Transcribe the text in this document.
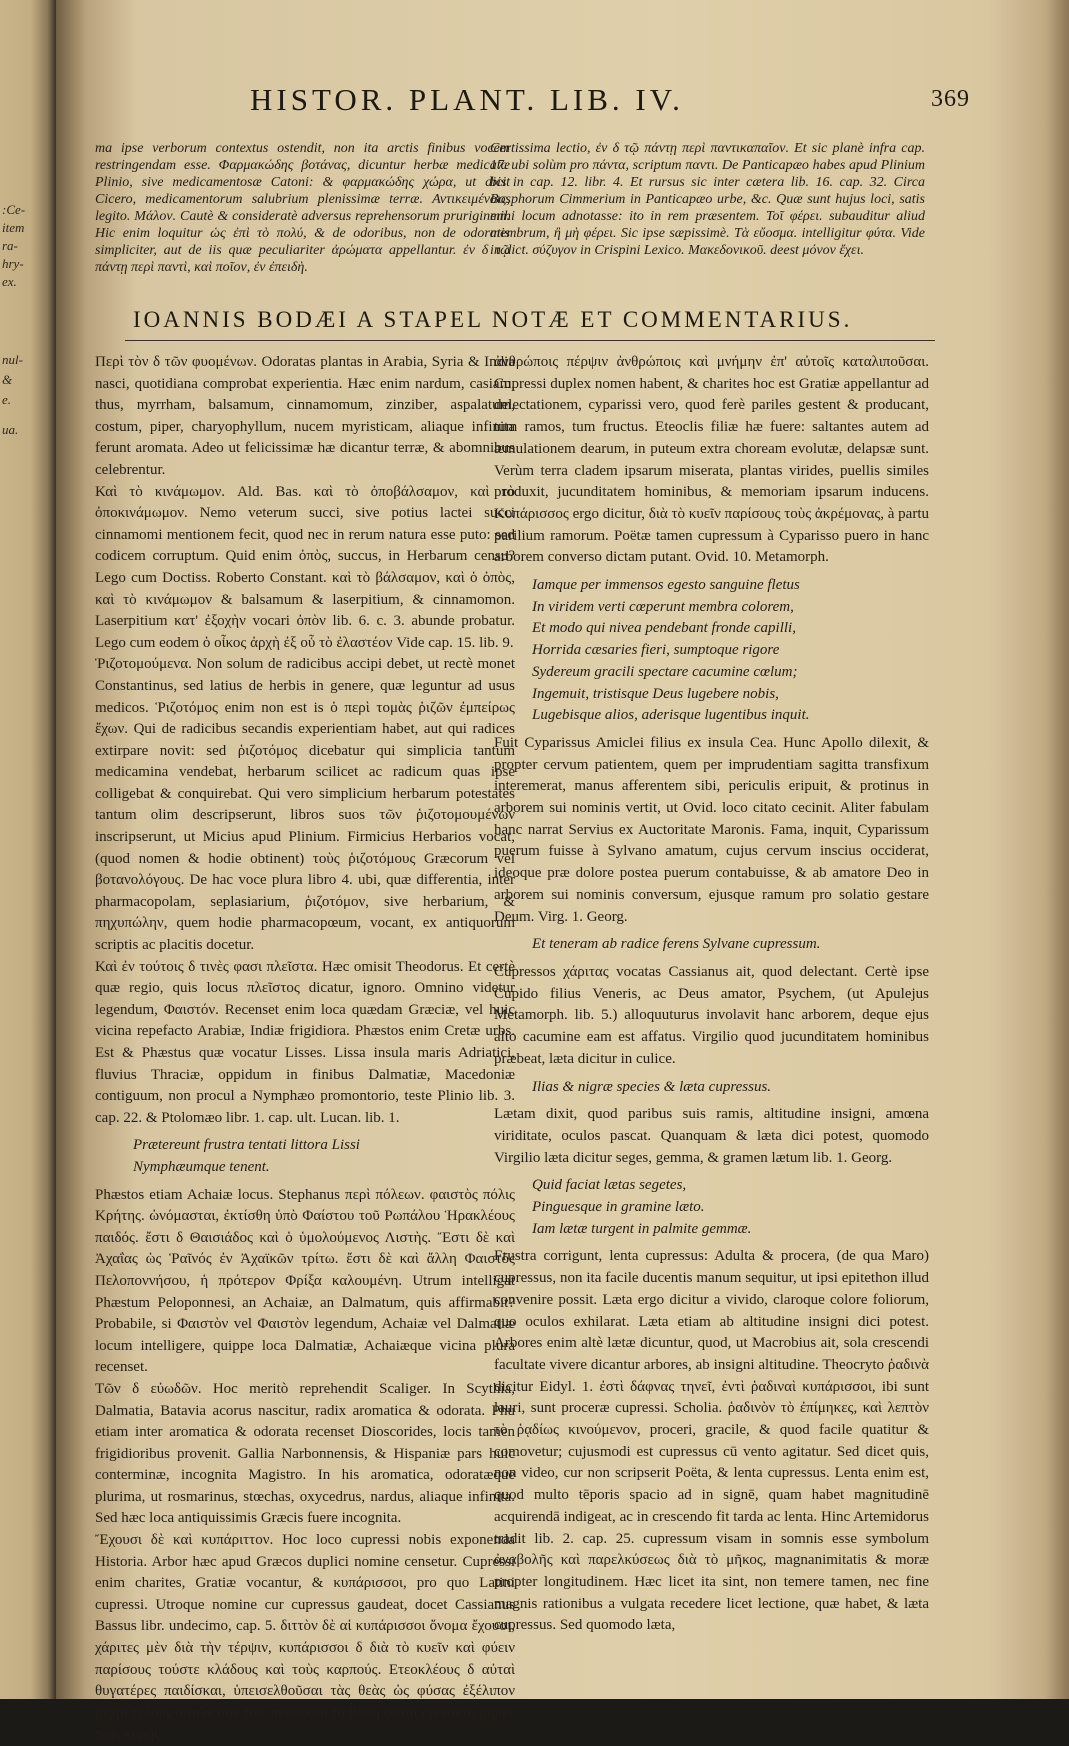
:Ce-
item
ra-
hry-
ex.
nul-
&
e.
ua.
HISTOR. PLANT. LIB. IV.	369

ma ipse verborum contextus ostendit, non ita arctis finibus vocem restringendam esse. Φαρμακώδης βοτάνας, dicuntur herbæ medicatæ Plinio, sive medicamentosæ Catoni: & φαρμακώδης χώρα, ut dicit Cicero, medicamentorum salubrium plenissimæ terræ. Αντικειμένοις, legito. Μάλον. Cautè & consideratè adversus reprehensorum pruriginem. Hic enim loquitur ὡς ἐπὶ τὸ πολύ, & de odoribus, non de odoratis simpliciter, aut de iis quæ peculiariter ἀρώματα appellantur. ἐν δ τῷ πάντῃ περὶ παντὶ, καὶ ποῖον, ἐν ἐπειδὴ.

Certissima lectio, ἐν δ τῷ πάντῃ περὶ παντικαπαῖον. Et sic planè infra cap. 17. ubi solùm pro πάντα, scriptum παντι. De Panticapæo habes apud Plinium bis in cap. 12. libr. 4. Et rursus sic inter cætera lib. 16. cap. 32. Circa Bosphorum Cimmerium in Panticapæo urbe, &c. Quæ sunt hujus loci, satis mihi locum adnotasse: ito in rem præsentem. Τοῖ φέρει. subauditur aliud membrum, ἢ μὴ φέρει. Sic ipse sæpissimè. Τὰ εὔοσμα. intelligitur φύτα. Vide in dict. σύζυγον in Crispini Lexico. Μακεδονικοῦ. deest μόνον ἔχει.

IOANNIS BODÆI A STAPEL NOTÆ ET COMMENTARIUS.

Περὶ τὸν δ τῶν φυομένων. Odoratas plantas in Arabia, Syria & India nasci, quotidiana comprobat experientia. Hæc enim nardum, casiam, thus, myrrham, balsamum, cinnamomum, zinziber, aspalatum, costum, piper, charyophyllum, nucem myristicam, aliaque infinita ferunt aromata. Adeo ut felicissimæ hæ dicantur terræ, & abomnibus celebrentur.

Καὶ τὸ κινάμωμον. Ald. Bas. καὶ τὸ ὀποβάλσαμον, καὶ τὸ ὀποκινάμωμον. Nemo veterum succi, sive potius lactei succi cinnamomi mentionem fecit, quod nec in rerum natura esse puto: sed codicem corruptum. Quid enim ὀπὸς, succus, in Herbarum censu? Lego cum Doctiss. Roberto Constant. καὶ τὸ βάλσαμον, καὶ ὁ ὀπὸς, καὶ τὸ κινάμωμον & balsamum & laserpitium, & cinnamomon. Laserpitium κατ' ἐξοχὴν vocari ὀπὸν lib. 6. c. 3. abunde probatur. Lego cum eodem ὁ οἶκος ἀρχὴ ἐξ οὗ τὸ ἐλαστέον Vide cap. 15. lib. 9.

Ῥιζοτομούμενα. Non solum de radicibus accipi debet, ut rectè monet Constantinus, sed latius de herbis in genere, quæ leguntur ad usus medicos. Ῥιζοτόμος enim non est is ὁ περὶ τομὰς ῥιζῶν ἐμπείρως ἔχων. Qui de radicibus secandis experientiam habet, aut qui radices extirpare novit: sed ῥιζοτόμος dicebatur qui simplicia tantum medicamina vendebat, herbarum scilicet ac radicum quas ipse colligebat & conquirebat. Qui vero simplicium herbarum potestates tantum olim descripserunt, libros suos τῶν ῥιζοτομουμένων inscripserunt, ut Micius apud Plinium. Firmicius Herbarios vocat, (quod nomen & hodie obtinent) τοὺς ῥιζοτόμους Græcorum vel βοτανολόγους. De hac voce plura libro 4. ubi, quæ differentia, inter pharmacopolam, seplasiarium, ῥιζοτόμον, sive herbarium, & πηχυπώλην, quem hodie pharmacopœum, vocant, ex antiquorum scriptis ac placitis docetur.

Καὶ ἐν τούτοις δ τινὲς φασι πλεῖστα. Hæc omisit Theodorus. Et certè quæ regio, quis locus πλεῖστος dicatur, ignoro. Omnino videtur legendum, Φαιστόν. Recenset enim loca quædam Græciæ, vel huic vicina repefacto Arabiæ, Indiæ frigidiora. Phæstos enim Cretæ urbs. Est & Phæstus quæ vocatur Lisses. Lissa insula maris Adriatici, fluvius Thraciæ, oppidum in finibus Dalmatiæ, Macedoniæ contiguum, non procul a Nymphæo promontorio, teste Plinio lib. 3. cap. 22. & Ptolomæo libr. 1. cap. ult. Lucan. lib. 1.

Prætereunt frustra tentati littora Lissi
Nymphæumque tenent.

Phæstos etiam Achaiæ locus. Stephanus περὶ πόλεων. φαιστὸς πόλις Κρήτης. ὠνόμασται, ἐκτίσθη ὑπὸ Φαίστου τοῦ Ρωπάλου Ἡρακλέους παιδός. ἔστι δ Θαισιάδος καὶ ὁ ὑμολούμενος Λιστὴς. Ἔστι δὲ καὶ Ἀχαΐας ὡς Ῥαῖνός ἐν Ἀχαϊκῶν τρίτω. ἔστι δὲ καὶ ἄλλη Φαιστὸς Πελοποννήσου, ἡ πρότερον Φρίξα καλουμένη. Utrum intelligat Phæstum Peloponnesi, an Achaiæ, an Dalmatum, quis affirmabit? Probabile, si Φαιστὸν vel Φαιστὸν legendum, Achaiæ vel Dalmatiæ locum intelligere, quippe loca Dalmatiæ, Achaiæque vicina plura recenset.

Τῶν δ εὐωδῶν. Hoc meritò reprehendit Scaliger. In Scythia, Dalmatia, Batavia acorus nascitur, radix aromatica & odorata. Phu etiam inter aromatica & odorata recenset Dioscorides, locis tamen frigidioribus provenit. Gallia Narbonnensis, & Hispaniæ pars huic conterminæ, incognita Magistro. In his aromatica, odoratæque plurima, ut rosmarinus, stœchas, oxycedrus, nardus, aliaque infinita. Sed hæc loca antiquissimis Græcis fuere incognita.

Ἔχουσι δὲ καὶ κυπάριττον. Hoc loco cupressi nobis exponenda Historia. Arbor hæc apud Græcos duplici nomine censetur. Cupressi enim charites, Gratiæ vocantur, & κυπάρισσοι, pro quo Latini cupressi. Utroque nomine cur cupressus gaudeat, docet Cassianus Bassus libr. undecimo, cap. 5. διττὸν δὲ αἱ κυπάρισσοι ὄνομα ἔχουσι, χάριτες μὲν διὰ τὴν τέρψιν, κυπάρισσοι δ διὰ τὸ κυεῖν καὶ φύειν παρίσους τούστε κλάδους καὶ τοὺς καρπούς. Ετεοκλέους δ αὐταὶ θυγατέρες παιδίσκαι, ὑπεισελθοῦσαι τὰς θεὰς ὡς φύσας ἐξέλιπον μέχρι τέλους αὐτῶν σὺν τοῖς πεσοῦσαι τὰ βάθη φυταὶ ἐγένοντο μήδεν παῖς κόρης

ἀνθρώποις πέρψιν ἀνθρώποις καὶ μνήμην ἐπ' αὐτοῖς καταλιποῦσαι. Cupressi duplex nomen habent, & charites hoc est Gratiæ appellantur ad delectationem, cyparissi vero, quod ferè pariles gestent & producant, tum ramos, tum fructus. Eteoclis filiæ hæ fuere: saltantes autem ad æmulationem dearum, in puteum extra choream evolutæ, delapsæ sunt. Verùm terra cladem ipsarum miserata, plantas virides, puellis similes produxit, jucunditatem hominibus, & memoriam ipsarum inducens. Κυπάρισσος ergo dicitur, διὰ τὸ κυεῖν παρίσους τοὺς ἀκρέμονας, à partu parilium ramorum. Poëtæ tamen cupressum à Cyparisso puero in hanc arborem converso dictam putant. Ovid. 10. Metamorph.

Iamque per immensos egesto sanguine fletus
In viridem verti cœperunt membra colorem,
Et modo qui nivea pendebant fronde capilli,
Horrida cæsaries fieri, sumptoque rigore
Sydereum gracili spectare cacumine cœlum;
Ingemuit, tristisque Deus lugebere nobis,
Lugebisque alios, aderisque lugentibus inquit.

Fuit Cyparissus Amiclei filius ex insula Cea. Hunc Apollo dilexit, & propter cervum patientem, quem per imprudentiam sagitta transfixum interemerat, manus afferentem sibi, periculis eripuit, & protinus in arborem sui nominis vertit, ut Ovid. loco citato cecinit. Aliter fabulam hanc narrat Servius ex Auctoritate Maronis. Fama, inquit, Cyparissum puerum fuisse à Sylvano amatum, cujus cervum inscius occiderat, ideoque præ dolore postea puerum contabuisse, & ab amatore Deo in arborem sui nominis conversum, ejusque ramum pro solatio gestare Deum. Virg. 1. Georg.

Et teneram ab radice ferens Sylvane cupressum.

Cupressos χάριτας vocatas Cassianus ait, quod delectant. Certè ipse Cupido filius Veneris, ac Deus amator, Psychem, (ut Apulejus Metamorph. lib. 5.) alloquuturus involavit hanc arborem, deque ejus alto cacumine eam est affatus. Virgilio quod jucunditatem hominibus præbeat, læta dicitur in culice.

Ilias & nigræ species & læta cupressus.

Lætam dixit, quod paribus suis ramis, altitudine insigni, amœna viriditate, oculos pascat. Quanquam & læta dici potest, quomodo Virgilio læta dicitur seges, gemma, & gramen lætum lib. 1. Georg.

Quid faciat lætas segetes,
Pinguesque in gramine læto.
Iam lætæ turgent in palmite gemmæ.

Frustra corrigunt, lenta cupressus: Adulta & procera, (de qua Maro) cupressus, non ita facile ducentis manum sequitur, ut ipsi epitethon illud convenire possit. Læta ergo dicitur a vivido, claroque colore foliorum, quo oculos exhilarat. Læta etiam ab altitudine insigni dici potest. Arbores enim altè lætæ dicuntur, quod, ut Macrobius ait, sola crescendi facultate vivere dicantur arbores, ab insigni altitudine. Theocryto ῥαδινὰ dicitur Eidyl. 1. ἐστὶ δάφνας τηνεῖ, ἐντὶ ῥαδιναὶ κυπάρισσοι, ibi sunt lauri, sunt proceræ cupressi. Scholia. ῥαδινὸν τὸ ἐπίμηκες, καὶ λεπτὸν τὸ ῥᾳδίως κινούμενον, proceri, gracile, & quod facile quatitur & comovetur; cujusmodi est cupressus cū vento agitatur. Sed dicet quis, non video, cur non scripserit Poëta, & lenta cupressus. Lenta enim est, quod multo tēporis spacio ad in signē, quam habet magnitudinē acquirendā indigeat, ac in crescendo fit tarda ac lenta. Hinc Artemidorus tradit lib. 2. cap. 25. cupressum visam in somnis esse symbolum ἀναβολῆς καὶ παρελκύσεως διὰ τὸ μῆκος, magnanimitatis & moræ propter longitudinem. Hæc licet ita sint, non temere tamen, nec fine magnis rationibus a vulgata recedere licet lectione, quæ habet, & læta cupressus. Sed quomodo læta,
